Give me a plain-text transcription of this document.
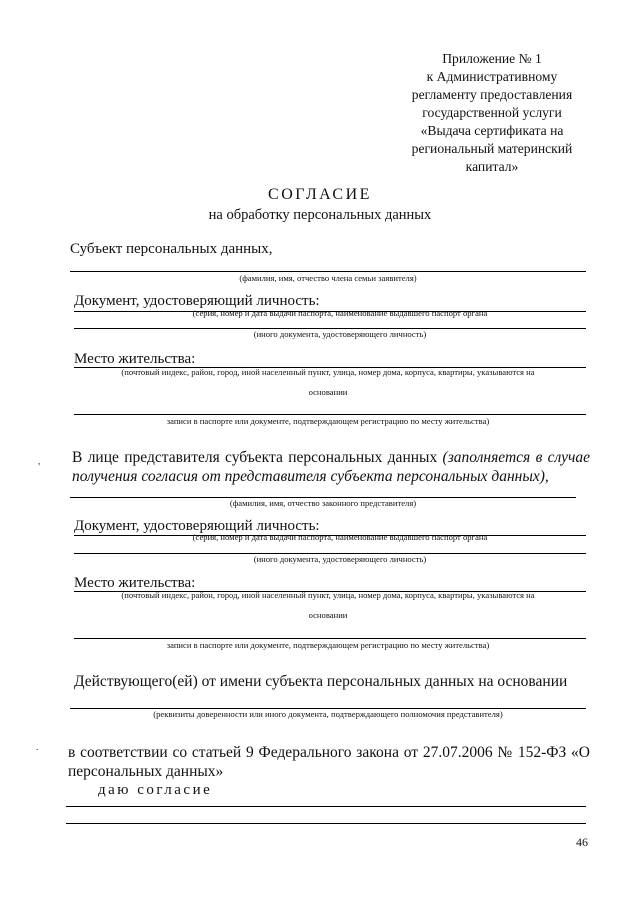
Приложение № 1
к Административному
регламенту предоставления
государственной услуги
«Выдача сертификата на
региональный материнский
капитал»
СОГЛАСИЕ
на обработку персональных данных
Субъект персональных данных,
(фамилия, имя, отчество члена семьи заявителя)
Документ, удостоверяющий личность:
(серия, номер и дата выдачи паспорта, наименование выдавшего паспорт органа
(иного документа, удостоверяющего личность)
Место жительства:
(почтовый индекс, район, город, иной населенный пункт, улица, номер дома, корпуса, квартиры, указываются на
основании
записи в паспорте или документе, подтверждающем регистрацию по месту жительства)
, В лице представителя субъекта персональных данных (заполняется в случае получения согласия от представителя субъекта персональных данных),
(фамилия, имя, отчество законного представителя)
Документ, удостоверяющий личность:
(серия, номер и дата выдачи паспорта, наименование выдавшего паспорт органа
(иного документа, удостоверяющего личность)
Место жительства:
(почтовый индекс, район, город, иной населенный пункт, улица, номер дома, корпуса, квартиры, указываются на
основании
записи в паспорте или документе, подтверждающем регистрацию по месту жительства)
Действующего(ей) от имени субъекта персональных данных на основании
(реквизиты доверенности или иного документа, подтверждающего полномочия представителя)
. в соответствии со статьей 9 Федерального закона от 27.07.2006 № 152-ФЗ «О персональных данных»
даю согласие
46
